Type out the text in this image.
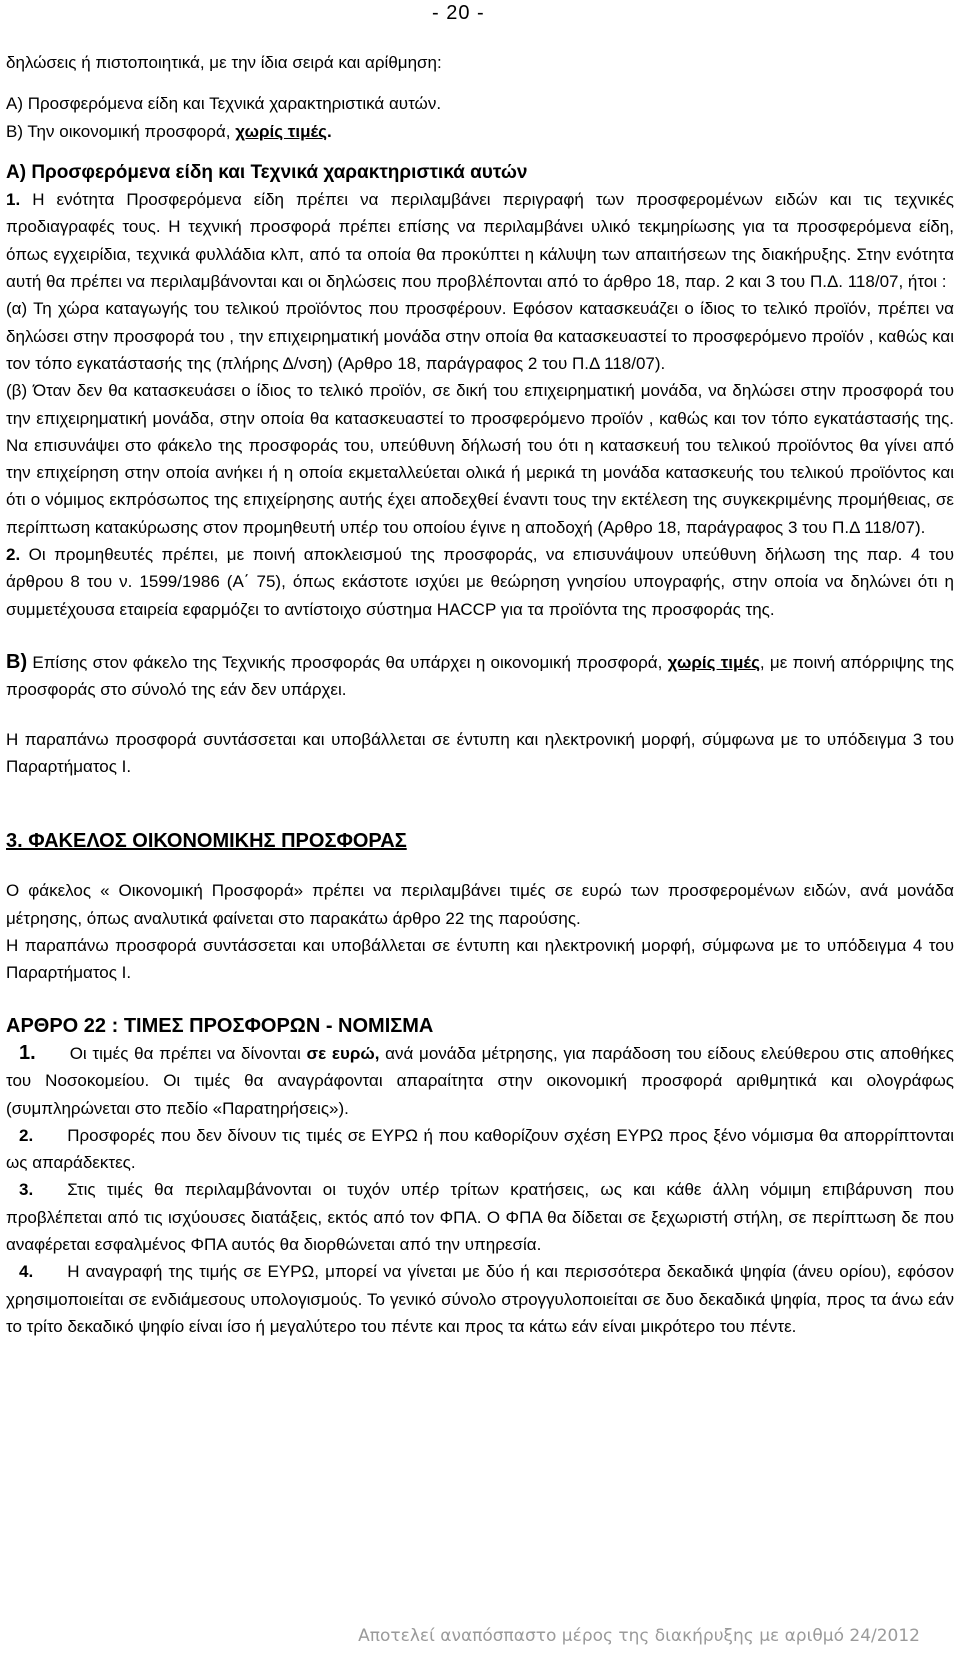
- 20 -

δηλώσεις ή πιστοποιητικά, με την ίδια σειρά και αρίθμηση:

Α) Προσφερόμενα είδη και Τεχνικά χαρακτηριστικά αυτών.

Β) Την οικονομική προσφορά, χωρίς τιμές.

Α) Προσφερόμενα είδη και Τεχνικά χαρακτηριστικά αυτών

1. Η ενότητα Προσφερόμενα είδη πρέπει να περιλαμβάνει περιγραφή των προσφερομένων ειδών και τις τεχνικές προδιαγραφές τους. Η τεχνική προσφορά πρέπει επίσης να περιλαμβάνει υλικό τεκμηρίωσης για τα προσφερόμενα είδη, όπως εγχειρίδια, τεχνικά φυλλάδια κλπ, από τα οποία θα προκύπτει η κάλυψη των απαιτήσεων της διακήρυξης. Στην ενότητα αυτή θα πρέπει να περιλαμβάνονται και οι δηλώσεις που προβλέπονται από το άρθρο 18, παρ. 2 και 3 του Π.Δ. 118/07, ήτοι :

(α) Τη χώρα καταγωγής του τελικού προϊόντος που προσφέρουν. Εφόσον κατασκευάζει ο ίδιος το τελικό προϊόν, πρέπει να δηλώσει στην προσφορά του , την επιχειρηματική μονάδα στην οποία θα κατασκευαστεί το προσφερόμενο προϊόν , καθώς και τον τόπο εγκατάστασής της (πλήρης Δ/νση) (Αρθρο 18, παράγραφος 2 του Π.Δ 118/07).

(β) Όταν δεν θα κατασκευάσει ο ίδιος το τελικό προϊόν, σε δική του επιχειρηματική μονάδα, να δηλώσει στην προσφορά του την επιχειρηματική μονάδα, στην οποία θα κατασκευαστεί το προσφερόμενο προϊόν , καθώς και τον τόπο εγκατάστασής της. Να επισυνάψει στο φάκελο της προσφοράς του, υπεύθυνη δήλωσή του ότι η κατασκευή του τελικού προϊόντος θα γίνει από την επιχείρηση στην οποία ανήκει ή η οποία εκμεταλλεύεται ολικά ή μερικά τη μονάδα κατασκευής του τελικού προϊόντος και ότι ο νόμιμος εκπρόσωπος της επιχείρησης αυτής έχει αποδεχθεί έναντι τους την εκτέλεση της συγκεκριμένης προμήθειας, σε περίπτωση κατακύρωσης στον προμηθευτή υπέρ του οποίου έγινε η αποδοχή (Αρθρο 18, παράγραφος 3 του Π.Δ 118/07).

2. Οι προμηθευτές πρέπει, με ποινή αποκλεισμού της προσφοράς, να επισυνάψουν υπεύθυνη δήλωση της παρ. 4 του άρθρου 8 του ν. 1599/1986 (Α΄ 75), όπως εκάστοτε ισχύει με θεώρηση γνησίου υπογραφής, στην οποία να δηλώνει ότι η συμμετέχουσα εταιρεία εφαρμόζει το αντίστοιχο σύστημα HACCP για τα προϊόντα της προσφοράς της.

Β) Επίσης στον φάκελο της Τεχνικής προσφοράς θα υπάρχει η οικονομική προσφορά, χωρίς τιμές, με ποινή απόρριψης της προσφοράς στο σύνολό της εάν δεν υπάρχει.

Η παραπάνω προσφορά συντάσσεται και υποβάλλεται σε έντυπη και ηλεκτρονική μορφή, σύμφωνα με το υπόδειγμα 3 του Παραρτήματος Ι.

3. ΦΑΚΕΛΟΣ ΟΙΚΟΝΟΜΙΚΗΣ ΠΡΟΣΦΟΡΑΣ

Ο φάκελος « Οικονομική Προσφορά» πρέπει να περιλαμβάνει τιμές σε ευρώ των προσφερομένων ειδών, ανά μονάδα μέτρησης, όπως αναλυτικά φαίνεται στο παρακάτω άρθρο 22 της παρούσης.

Η παραπάνω προσφορά συντάσσεται και υποβάλλεται σε έντυπη και ηλεκτρονική μορφή, σύμφωνα με το υπόδειγμα 4 του Παραρτήματος Ι.

ΑΡΘΡΟ 22 : ΤΙΜΕΣ ΠΡΟΣΦΟΡΩΝ - ΝΟΜΙΣΜΑ

1. Οι τιμές θα πρέπει να δίνονται σε ευρώ, ανά μονάδα μέτρησης, για παράδοση του είδους ελεύθερου στις αποθήκες του Νοσοκομείου. Οι τιμές θα αναγράφονται απαραίτητα στην οικονομική προσφορά αριθμητικά και ολογράφως (συμπληρώνεται στο πεδίο «Παρατηρήσεις»).

2. Προσφορές που δεν δίνουν τις τιμές σε ΕΥΡΩ ή που καθορίζουν σχέση ΕΥΡΩ προς ξένο νόμισμα θα απορρίπτονται ως απαράδεκτες.

3. Στις τιμές θα περιλαμβάνονται οι τυχόν υπέρ τρίτων κρατήσεις, ως και κάθε άλλη νόμιμη επιβάρυνση που προβλέπεται από τις ισχύουσες διατάξεις, εκτός από τον ΦΠΑ. Ο ΦΠΑ θα δίδεται σε ξεχωριστή στήλη, σε περίπτωση δε που αναφέρεται εσφαλμένος ΦΠΑ αυτός θα διορθώνεται από την υπηρεσία.

4. Η αναγραφή της τιμής σε ΕΥΡΩ, μπορεί να γίνεται με δύο ή και περισσότερα δεκαδικά ψηφία (άνευ ορίου), εφόσον χρησιμοποιείται σε ενδιάμεσους υπολογισμούς. Το γενικό σύνολο στρογγυλοποιείται σε δυο δεκαδικά ψηφία, προς τα άνω εάν το τρίτο δεκαδικό ψηφίο είναι ίσο ή μεγαλύτερο του πέντε και προς τα κάτω εάν είναι μικρότερο του πέντε.

Αποτελεί αναπόσπαστο μέρος της διακήρυξης με αριθμό 24/2012
